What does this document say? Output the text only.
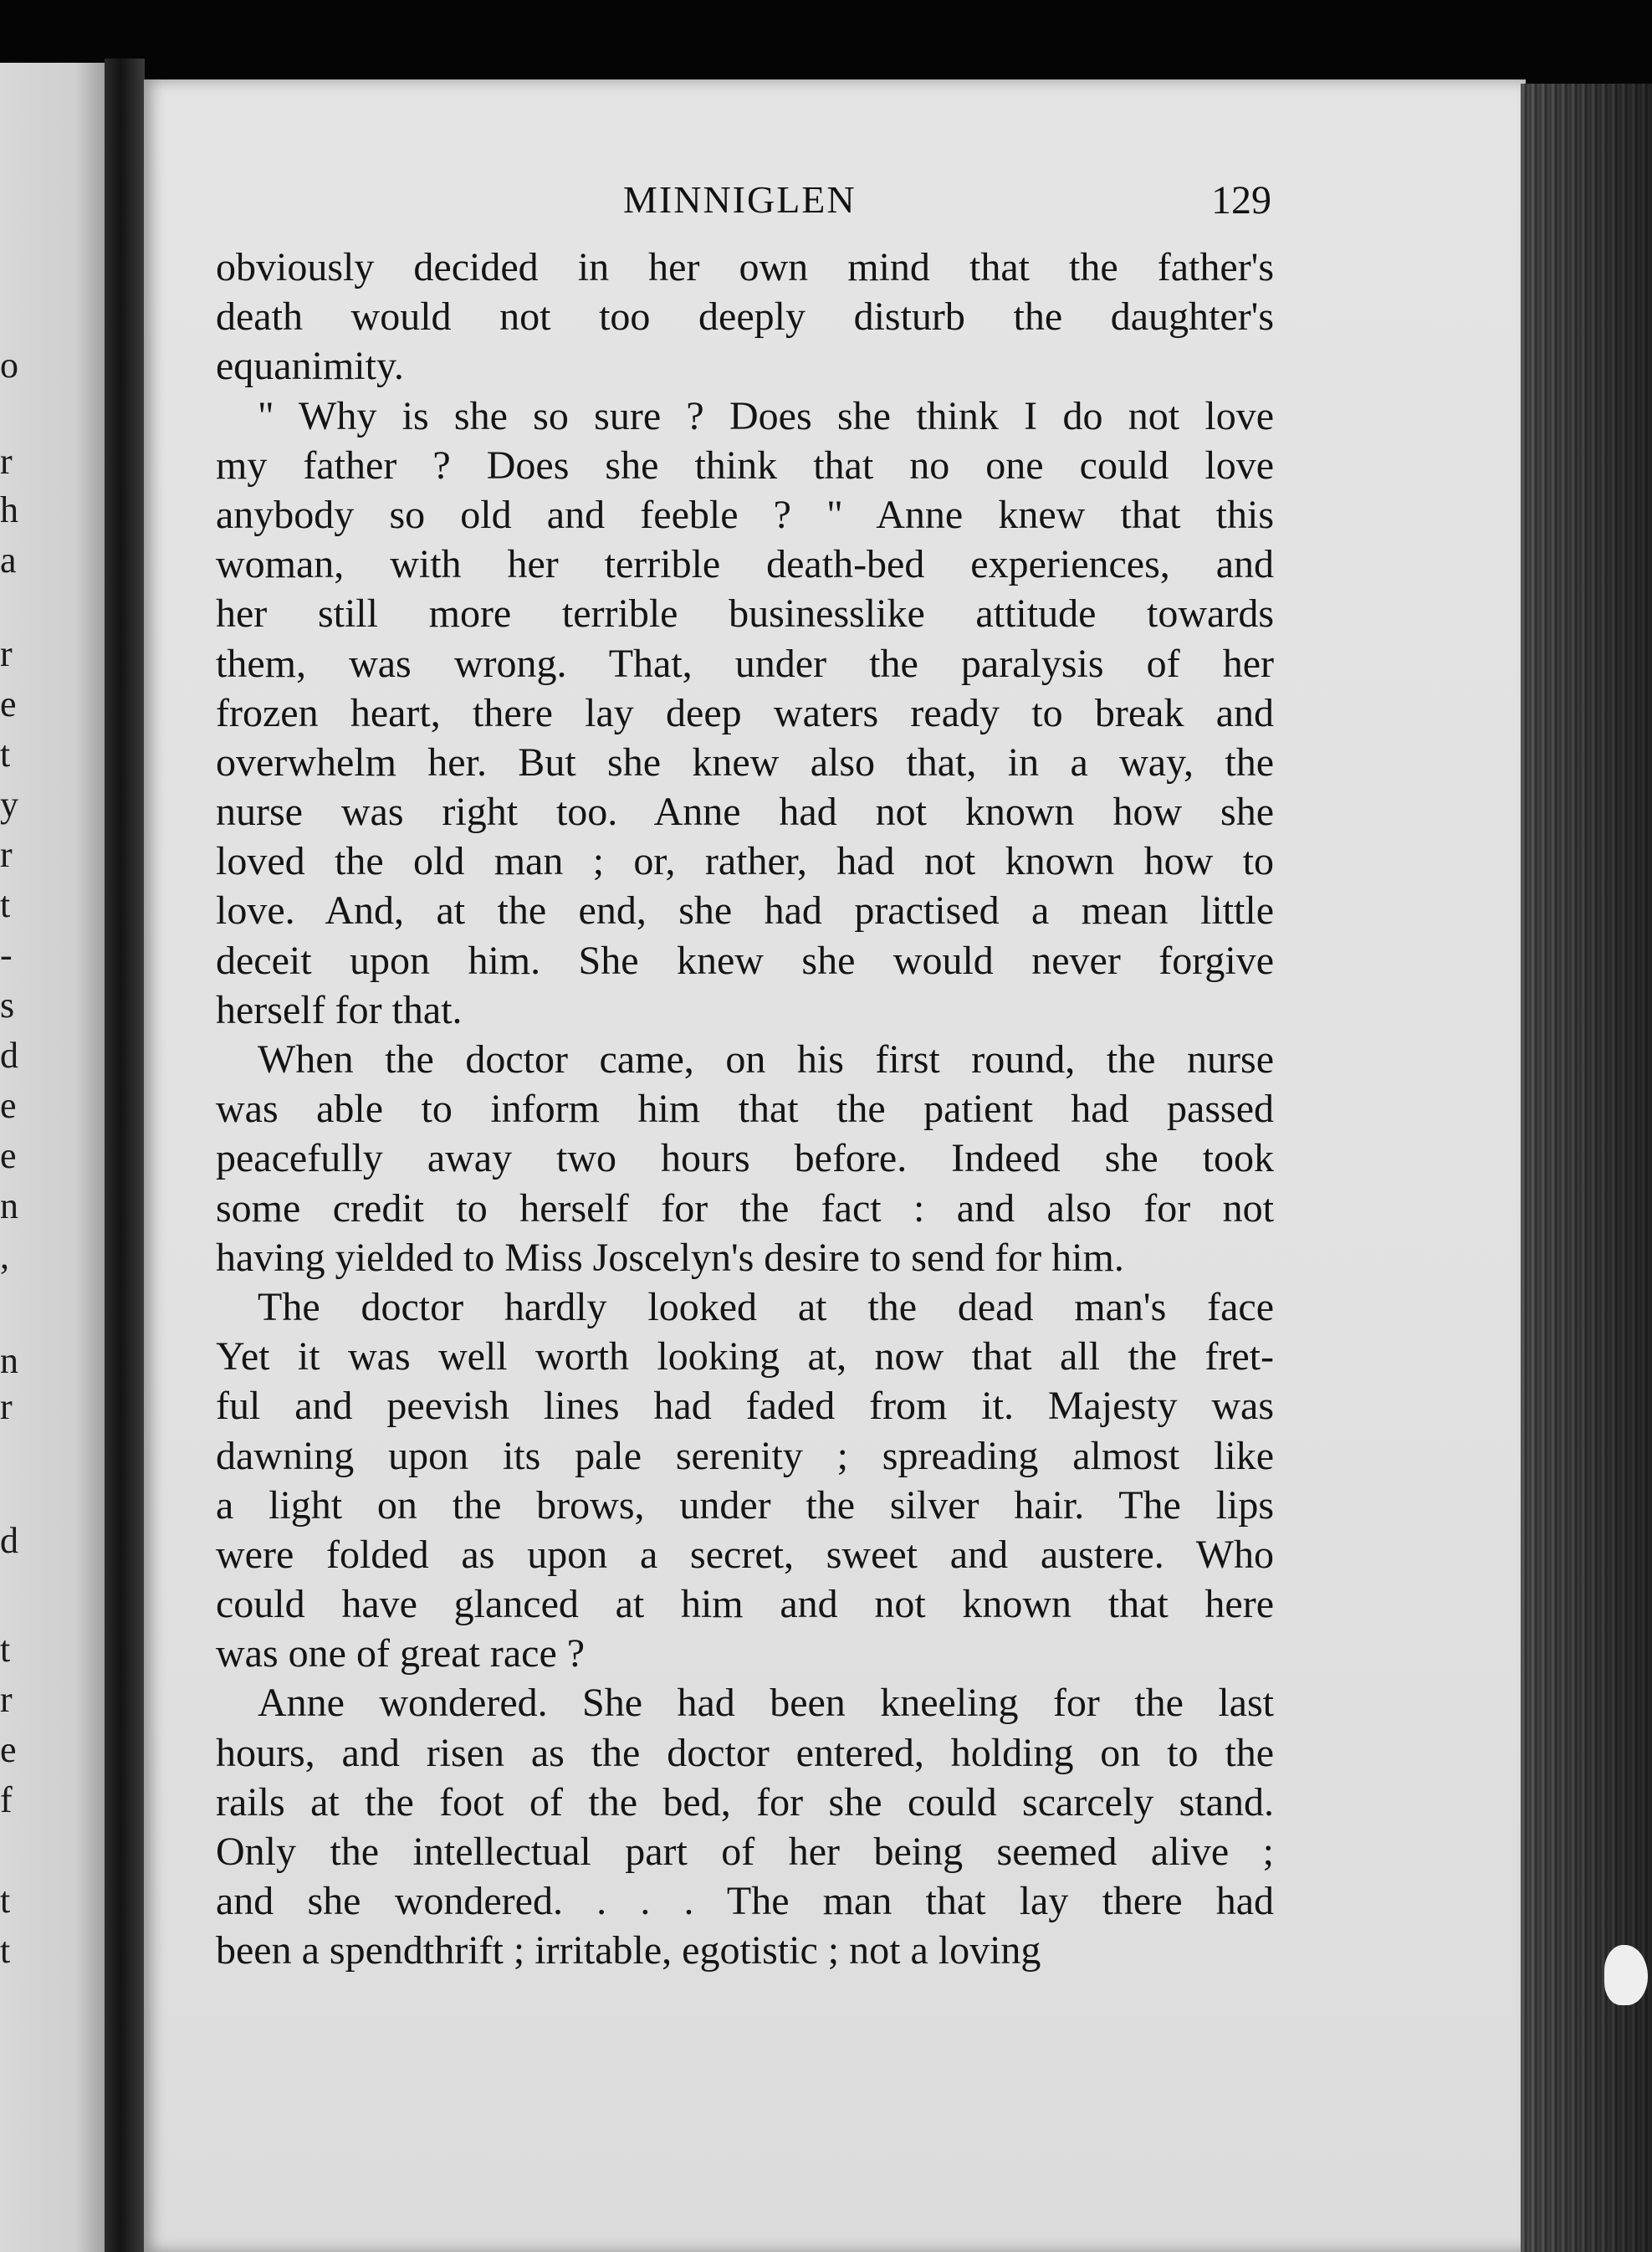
o
r
h
a
r
e
t
y
r
t
-
s
d
e
e
n
,
n
r
d
t
r
e
f
t
t
MINNIGLEN	129
obviously decided in her own mind that the father's
death would not too deeply disturb the daughter's
equanimity.
" Why is she so sure ? Does she think I do not love
my father ? Does she think that no one could love
anybody so old and feeble ? " Anne knew that this
woman, with her terrible death-bed experiences, and
her still more terrible businesslike attitude towards
them, was wrong. That, under the paralysis of her
frozen heart, there lay deep waters ready to break and
overwhelm her. But she knew also that, in a way, the
nurse was right too. Anne had not known how she
loved the old man ; or, rather, had not known how to
love. And, at the end, she had practised a mean little
deceit upon him. She knew she would never forgive
herself for that.
When the doctor came, on his first round, the nurse
was able to inform him that the patient had passed
peacefully away two hours before. Indeed she took
some credit to herself for the fact : and also for not
having yielded to Miss Joscelyn's desire to send for him.
The doctor hardly looked at the dead man's face
Yet it was well worth looking at, now that all the fret-
ful and peevish lines had faded from it. Majesty was
dawning upon its pale serenity ; spreading almost like
a light on the brows, under the silver hair. The lips
were folded as upon a secret, sweet and austere. Who
could have glanced at him and not known that here
was one of great race ?
Anne wondered. She had been kneeling for the last
hours, and risen as the doctor entered, holding on to the
rails at the foot of the bed, for she could scarcely stand.
Only the intellectual part of her being seemed alive ;
and she wondered. . . . The man that lay there had
been a spendthrift ; irritable, egotistic ; not a loving
